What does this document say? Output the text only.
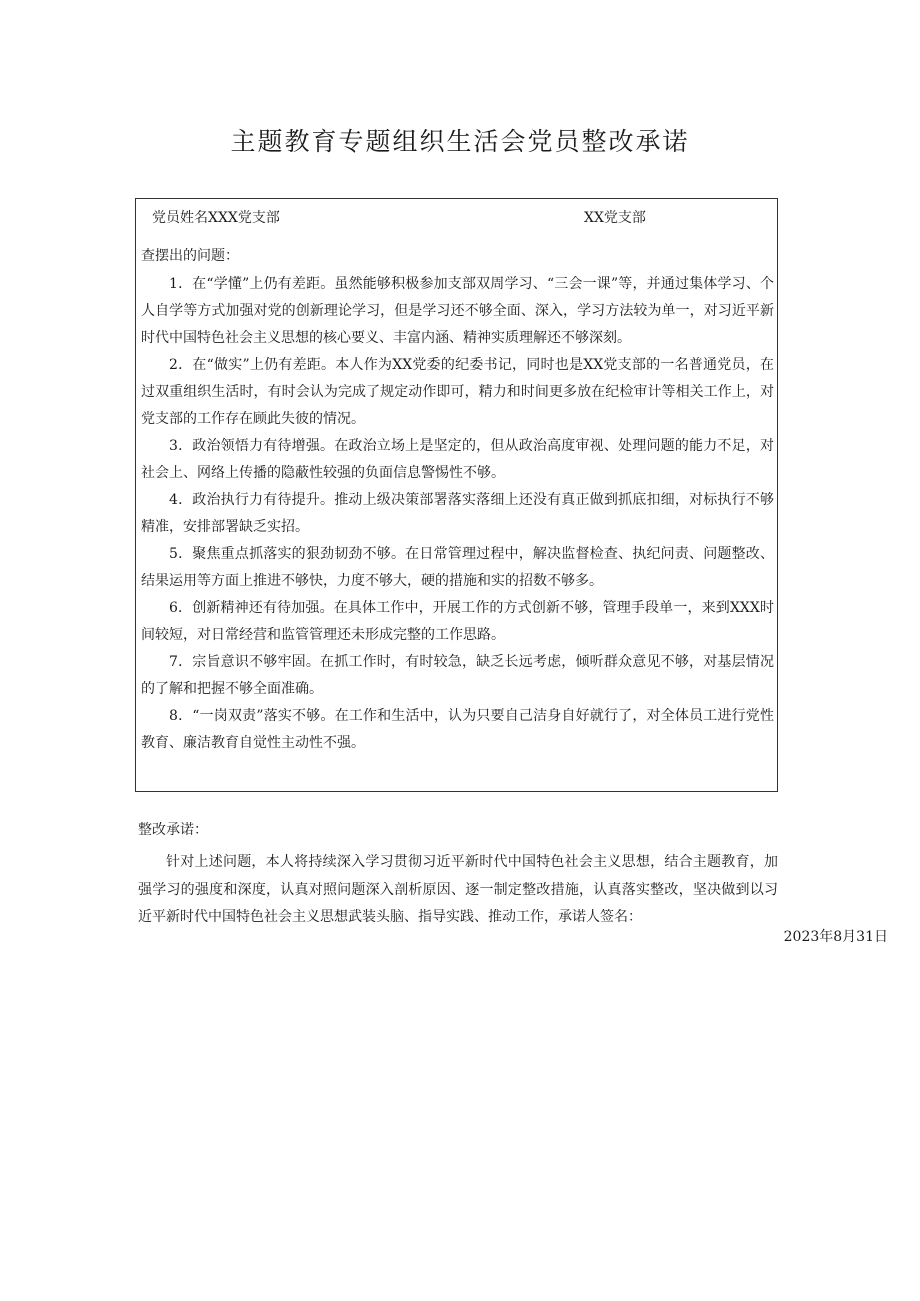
主题教育专题组织生活会党员整改承诺
党员姓名XXX党支部	XX党支部
查摆出的问题：

1．在“学懂”上仍有差距。虽然能够积极参加支部双周学习、“三会一课”等，并通过集体学习、个人自学等方式加强对党的创新理论学习，但是学习还不够全面、深入，学习方法较为单一，对习近平新时代中国特色社会主义思想的核心要义、丰富内涵、精神实质理解还不够深刻。

2．在“做实”上仍有差距。本人作为XX党委的纪委书记，同时也是XX党支部的一名普通党员，在过双重组织生活时，有时会认为完成了规定动作即可，精力和时间更多放在纪检审计等相关工作上，对党支部的工作存在顾此失彼的情况。

3．政治领悟力有待增强。在政治立场上是坚定的，但从政治高度审视、处理问题的能力不足，对社会上、网络上传播的隐蔽性较强的负面信息警惕性不够。

4．政治执行力有待提升。推动上级决策部署落实落细上还没有真正做到抓底扣细，对标执行不够精准，安排部署缺乏实招。

5．聚焦重点抓落实的狠劲韧劲不够。在日常管理过程中，解决监督检查、执纪问责、问题整改、结果运用等方面上推进不够快，力度不够大，硬的措施和实的招数不够多。

6．创新精神还有待加强。在具体工作中，开展工作的方式创新不够，管理手段单一，来到XXX时间较短，对日常经营和监管管理还未形成完整的工作思路。

7．宗旨意识不够牢固。在抓工作时，有时较急，缺乏长远考虑，倾听群众意见不够，对基层情况的了解和把握不够全面准确。

8．“一岗双责”落实不够。在工作和生活中，认为只要自己洁身自好就行了，对全体员工进行党性教育、廉洁教育自觉性主动性不强。

整改承诺：
针对上述问题，本人将持续深入学习贯彻习近平新时代中国特色社会主义思想，结合主题教育，加强学习的强度和深度，认真对照问题深入剖析原因、逐一制定整改措施，认真落实整改，坚决做到以习近平新时代中国特色社会主义思想武装头脑、指导实践、推动工作，承诺人签名：
2023年8月31日
